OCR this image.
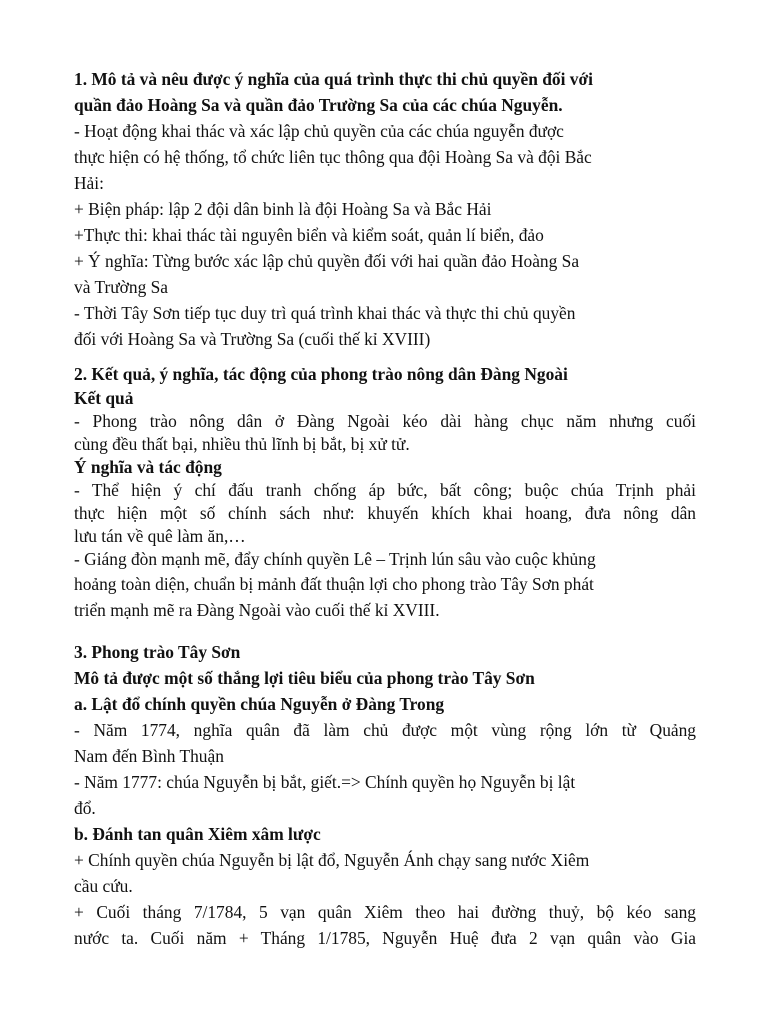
1. Mô tả và nêu được ý nghĩa của quá trình thực thi chủ quyền đối với
quần đảo Hoàng Sa và quần đảo Trường Sa của các chúa Nguyễn.
- Hoạt động khai thác và xác lập chủ quyền của các chúa nguyễn được
thực hiện có hệ thống, tổ chức liên tục thông qua đội Hoàng Sa và đội Bắc
Hải:
+ Biện pháp: lập 2 đội dân binh là đội Hoàng Sa và Bắc Hải
+Thực thi: khai thác tài nguyên biển và kiểm soát, quản lí biển, đảo
+ Ý nghĩa: Từng bước xác lập chủ quyền đối với hai quần đảo Hoàng Sa
và Trường Sa
- Thời Tây Sơn tiếp tục duy trì quá trình khai thác và thực thi chủ quyền
đối với Hoàng Sa và Trường Sa (cuối thế kỉ XVIII)
2. Kết quả, ý nghĩa, tác động của phong trào nông dân Đàng Ngoài
Kết quả
- Phong trào nông dân ở Đàng Ngoài kéo dài hàng chục năm nhưng cuối
cùng đều thất bại, nhiều thủ lĩnh bị bắt, bị xử tử.
Ý nghĩa và tác động
- Thể hiện ý chí đấu tranh chống áp bức, bất công; buộc chúa Trịnh phải
thực hiện một số chính sách như: khuyến khích khai hoang, đưa nông dân
lưu tán về quê làm ăn,…
- Giáng đòn mạnh mẽ, đẩy chính quyền Lê – Trịnh lún sâu vào cuộc khủng
hoảng toàn diện, chuẩn bị mảnh đất thuận lợi cho phong trào Tây Sơn phát
triển mạnh mẽ ra Đàng Ngoài vào cuối thế kỉ XVIII.
3. Phong trào Tây Sơn
Mô tả được một số thắng lợi tiêu biểu của phong trào Tây Sơn
a. Lật đổ chính quyền chúa Nguyễn ở Đàng Trong
- Năm 1774, nghĩa quân đã làm chủ được một vùng rộng lớn từ Quảng
Nam đến Bình Thuận
- Năm 1777: chúa Nguyễn bị bắt, giết.=> Chính quyền họ Nguyễn bị lật
đổ.
b. Đánh tan quân Xiêm xâm lược
+ Chính quyền chúa Nguyễn bị lật đổ, Nguyễn Ánh chạy sang nước Xiêm
cầu cứu.
+ Cuối tháng 7/1784, 5 vạn quân Xiêm theo hai đường thuỷ, bộ kéo sang
nước ta. Cuối năm + Tháng 1/1785, Nguyễn Huệ đưa 2 vạn quân vào Gia
